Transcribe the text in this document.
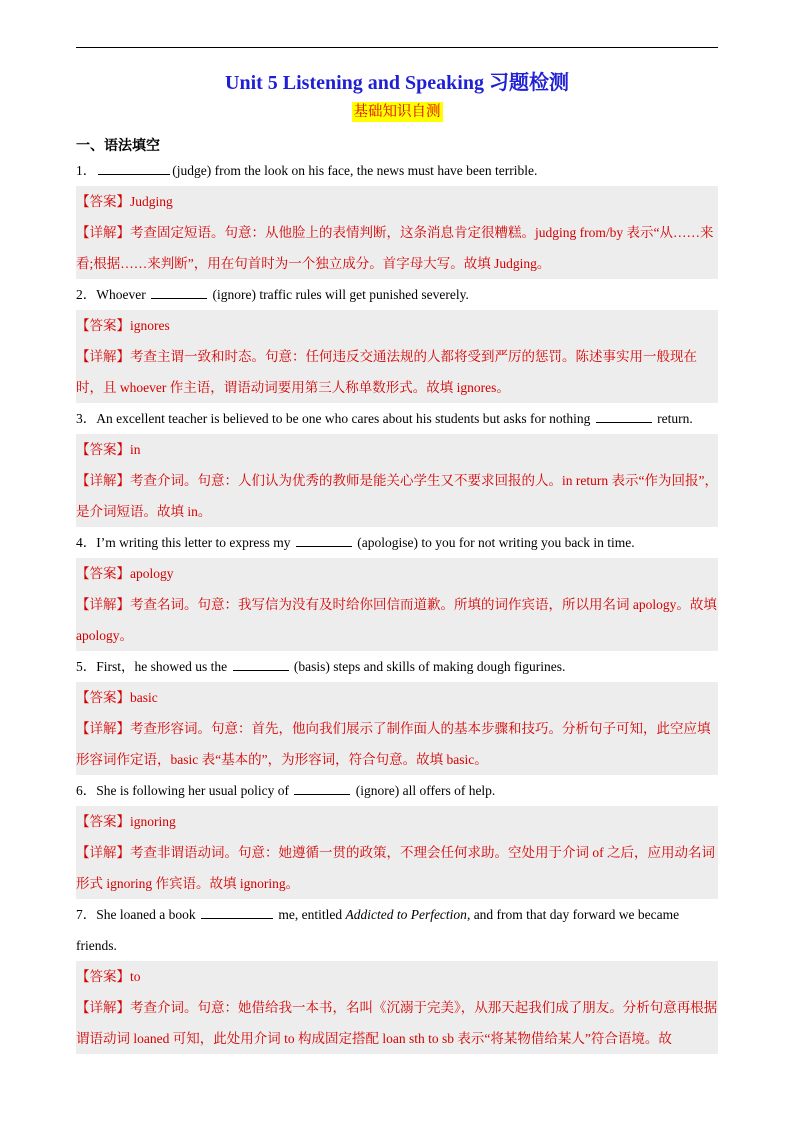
Unit 5 Listening and Speaking 习题检测
基础知识自测
一、语法填空
1．	(judge) from the look on his face, the news must have been terrible.
【答案】Judging
【详解】考查固定短语。句意：从他脸上的表情判断，这条消息肯定很糟糕。judging from/by 表示“从……来看;根据……来判断”，用在句首时为一个独立成分。首字母大写。故填 Judging。
2．Whoever	(ignore) traffic rules will get punished severely.
【答案】ignores
【详解】考查主谓一致和时态。句意：任何违反交通法规的人都将受到严厉的惩罚。陈述事实用一般现在时，且 whoever 作主语，谓语动词要用第三人称单数形式。故填 ignores。
3．An excellent teacher is believed to be one who cares about his students but asks for nothing	return.
【答案】in
【详解】考查介词。句意：人们认为优秀的教师是能关心学生又不要求回报的人。in return 表示“作为回报”，是介词短语。故填 in。
4．I’m writing this letter to express my	(apologise) to you for not writing you back in time.
【答案】apology
【详解】考查名词。句意：我写信为没有及时给你回信而道歉。所填的词作宾语，所以用名词 apology。故填 apology。
5．First，he showed us the	(basis) steps and skills of making dough figurines.
【答案】basic
【详解】考查形容词。句意：首先，他向我们展示了制作面人的基本步骤和技巧。分析句子可知，此空应填形容词作定语，basic 表“基本的”，为形容词，符合句意。故填 basic。
6．She is following her usual policy of	(ignore) all offers of help.
【答案】ignoring
【详解】考查非谓语动词。句意：她遵循一贯的政策，不理会任何求助。空处用于介词 of 之后，应用动名词形式 ignoring 作宾语。故填 ignoring。
7．She loaned a book	me, entitled Addicted to Perfection, and from that day forward we became friends.
【答案】to
【详解】考查介词。句意：她借给我一本书，名叫《沉溺于完美》，从那天起我们成了朋友。分析句意再根据谓语动词 loaned 可知，此处用介词 to 构成固定搭配 loan sth to sb 表示“将某物借给某人”符合语境。故
